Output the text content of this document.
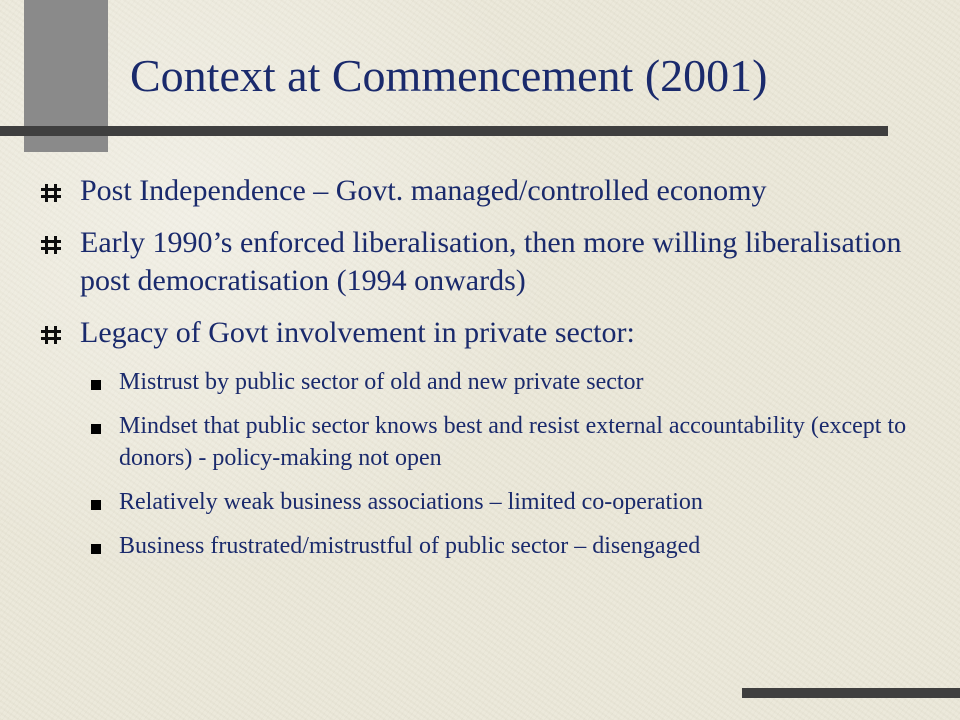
Context at Commencement (2001)
Post Independence – Govt. managed/controlled economy
Early 1990’s enforced liberalisation, then more willing liberalisation post democratisation (1994 onwards)
Legacy of Govt involvement in private sector:
Mistrust by public sector of old and new private sector
Mindset that public sector knows best and resist external accountability (except to donors) - policy-making not open
Relatively weak business associations – limited co-operation
Business frustrated/mistrustful of public sector – disengaged
